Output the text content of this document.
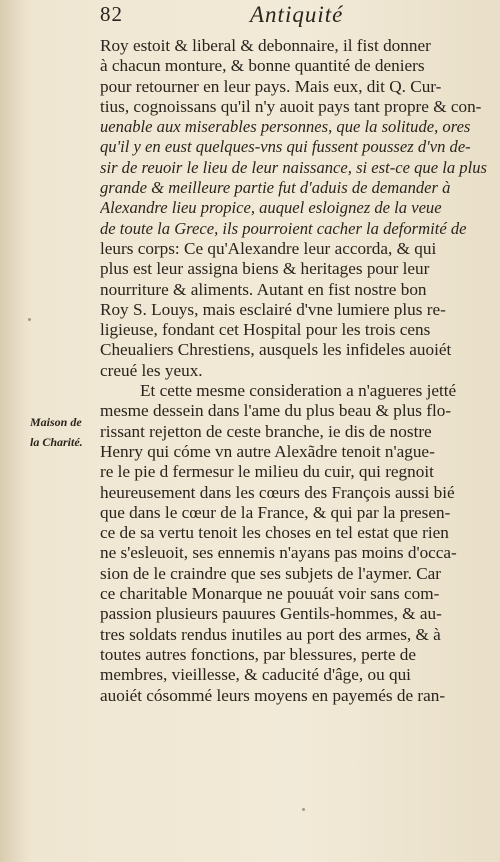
82	Antiquité
Maison de
la Charité.
Roy estoit & liberal & debonnaire, il fist donner
à chacun monture, & bonne quantité de deniers
pour retourner en leur pays. Mais eux, dit Q. Cur-
tius, cognoissans qu'il n'y auoit pays tant propre & con-
uenable aux miserables personnes, que la solitude, ores
qu'il y en eust quelques-vns qui fussent poussez d'vn de-
sir de reuoir le lieu de leur naissance, si est-ce que la plus
grande & meilleure partie fut d'aduis de demander à
Alexandre lieu propice, auquel esloignez de la veue
de toute la Grece, ils pourroient cacher la deformité de
leurs corps: Ce qu'Alexandre leur accorda, & qui
plus est leur assigna biens & heritages pour leur
nourriture & aliments. Autant en fist nostre bon
Roy S. Louys, mais esclairé d'vne lumiere plus re-
ligieuse, fondant cet Hospital pour les trois cens
Cheualiers Chrestiens, ausquels les infideles auoiét
creué les yeux.
Et cette mesme consideration a n'agueres jetté
mesme dessein dans l'ame du plus beau & plus flo-
rissant rejetton de ceste branche, ie dis de nostre
Henry qui cóme vn autre Alexãdre tenoit n'ague-
re le pie d fermesur le milieu du cuir, qui regnoit
heureusement dans les cœurs des François aussi bié
que dans le cœur de la France, & qui par la presen-
ce de sa vertu tenoit les choses en tel estat que rien
ne s'esleuoit, ses ennemis n'ayans pas moins d'occa-
sion de le craindre que ses subjets de l'aymer. Car
ce charitable Monarque ne pouuát voir sans com-
passion plusieurs pauures Gentils-hommes, & au-
tres soldats rendus inutiles au port des armes, & à
toutes autres fonctions, par blessures, perte de
membres, vieillesse, & caducité d'âge, ou qui
auoiét cósommé leurs moyens en payemés de ran-
